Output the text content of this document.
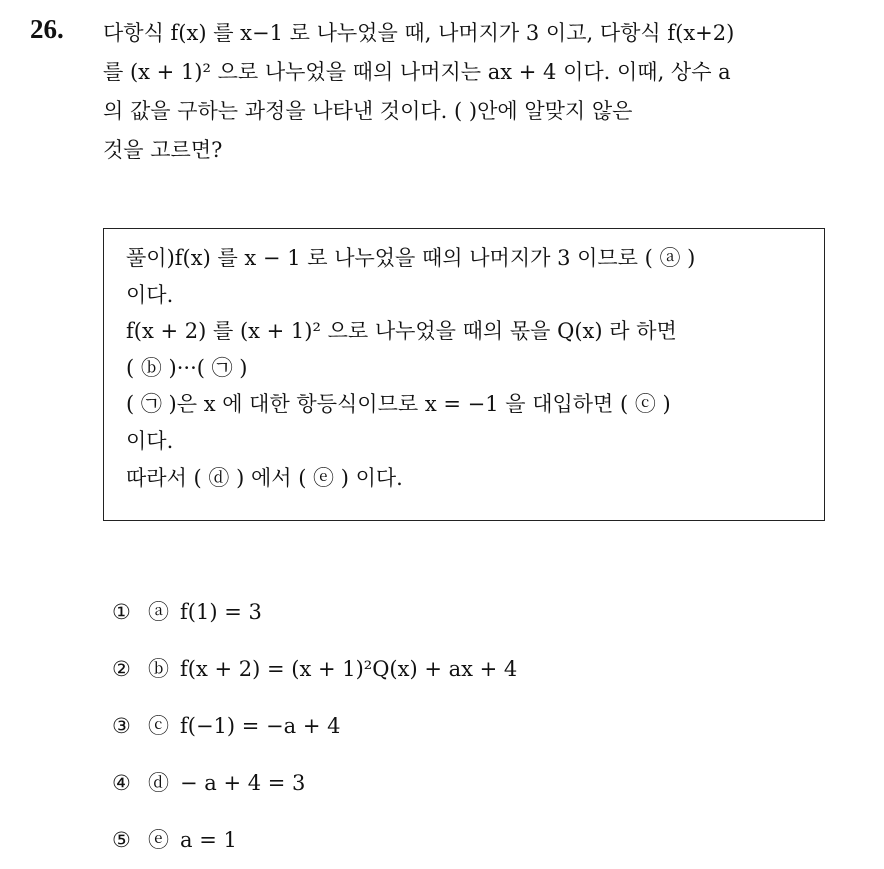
26. 다항식 f(x) 를 x−1 로 나누었을 때, 나머지가 3 이고, 다항식 f(x+2)
를 (x + 1)² 으로 나누었을 때의 나머지는 ax + 4 이다. 이때, 상수 a
의 값을 구하는 과정을 나타낸 것이다. ( )안에 알맞지 않은
것을 고르면?
풀이)f(x) 를 x − 1 로 나누었을 때의 나머지가 3 이므로 ( ⓐ )
이다.
f(x + 2) 를 (x + 1)² 으로 나누었을 때의 몫을 Q(x) 라 하면
( ⓑ )···( ㉠ )
( ㉠ )은 x 에 대한 항등식이므로 x = −1 을 대입하면 ( ⓒ )
이다.
따라서 ( ⓓ ) 에서 ( ⓔ ) 이다.
① ⓐ f(1) = 3
② ⓑ f(x + 2) = (x + 1)²Q(x) + ax + 4
③ ⓒ f(−1) = −a + 4
④ ⓓ − a + 4 = 3
⑤ ⓔ a = 1
